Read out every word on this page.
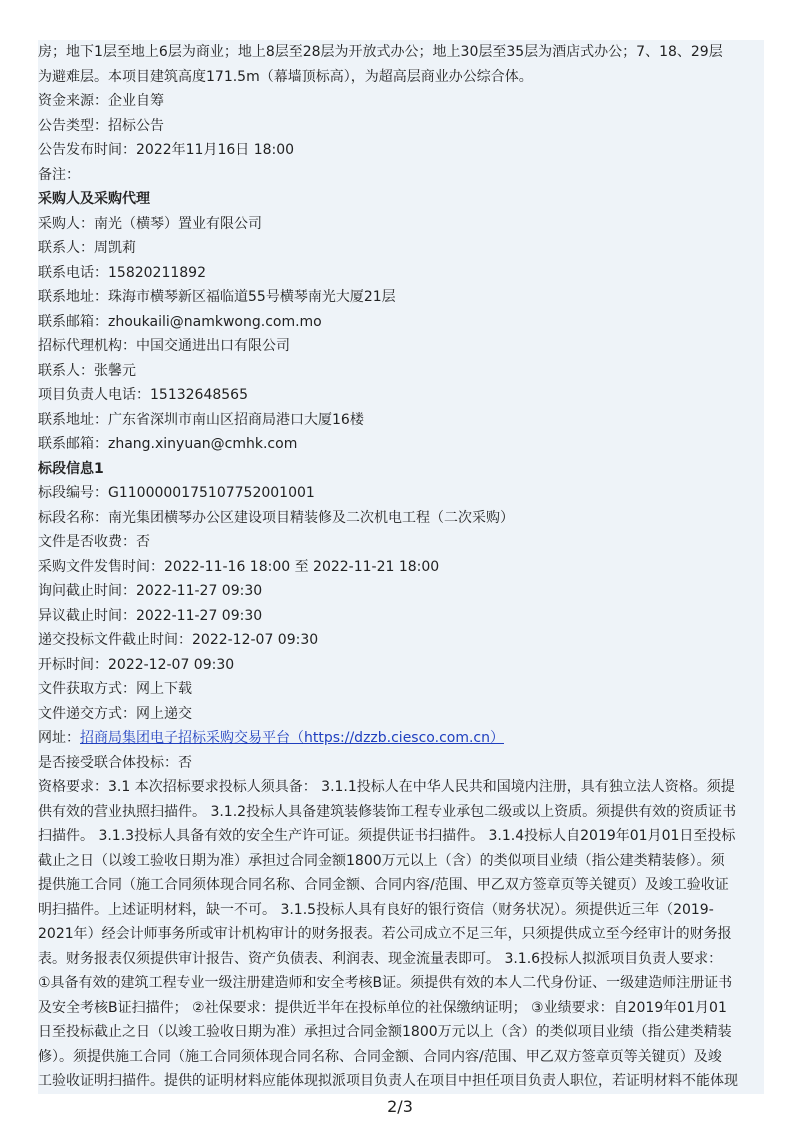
房；地下1层至地上6层为商业；地上8层至28层为开放式办公；地上30层至35层为酒店式办公；7、18、29层
为避难层。本项目建筑高度171.5m（幕墙顶标高），为超高层商业办公综合体。
资金来源：企业自筹
公告类型：招标公告
公告发布时间：2022年11月16日 18:00
备注：
采购人及采购代理
采购人：南光（横琴）置业有限公司
联系人：周凯莉
联系电话：15820211892
联系地址：珠海市横琴新区福临道55号横琴南光大厦21层
联系邮箱：zhoukaili@namkwong.com.mo
招标代理机构：中国交通进出口有限公司
联系人：张馨元
项目负责人电话：15132648565
联系地址：广东省深圳市南山区招商局港口大厦16楼
联系邮箱：zhang.xinyuan@cmhk.com
标段信息1
标段编号：G1100000175107752001001
标段名称：南光集团横琴办公区建设项目精装修及二次机电工程（二次采购）
文件是否收费：否
采购文件发售时间：2022-11-16 18:00 至 2022-11-21 18:00
询问截止时间：2022-11-27 09:30
异议截止时间：2022-11-27 09:30
递交投标文件截止时间：2022-12-07 09:30
开标时间：2022-12-07 09:30
文件获取方式：网上下载
文件递交方式：网上递交
网址：招商局集团电子招标采购交易平台（https://dzzb.ciesco.com.cn）
是否接受联合体投标：否
资格要求：3.1 本次招标要求投标人须具备： 3.1.1投标人在中华人民共和国境内注册，具有独立法人资格。须提
供有效的营业执照扫描件。 3.1.2投标人具备建筑装修装饰工程专业承包二级或以上资质。须提供有效的资质证书
扫描件。 3.1.3投标人具备有效的安全生产许可证。须提供证书扫描件。 3.1.4投标人自2019年01月01日至投标
截止之日（以竣工验收日期为准）承担过合同金额1800万元以上（含）的类似项目业绩（指公建类精装修）。须
提供施工合同（施工合同须体现合同名称、合同金额、合同内容/范围、甲乙双方签章页等关键页）及竣工验收证
明扫描件。上述证明材料，缺一不可。 3.1.5投标人具有良好的银行资信（财务状况）。须提供近三年（2019-
2021年）经会计师事务所或审计机构审计的财务报表。若公司成立不足三年，只须提供成立至今经审计的财务报
表。财务报表仅须提供审计报告、资产负债表、利润表、现金流量表即可。 3.1.6投标人拟派项目负责人要求：
①具备有效的建筑工程专业一级注册建造师和安全考核B证。须提供有效的本人二代身份证、一级建造师注册证书
及安全考核B证扫描件； ②社保要求：提供近半年在投标单位的社保缴纳证明； ③业绩要求：自2019年01月01
日至投标截止之日（以竣工验收日期为准）承担过合同金额1800万元以上（含）的类似项目业绩（指公建类精装
修）。须提供施工合同（施工合同须体现合同名称、合同金额、合同内容/范围、甲乙双方签章页等关键页）及竣
工验收证明扫描件。提供的证明材料应能体现拟派项目负责人在项目中担任项目负责人职位，若证明材料不能体现
2/3
